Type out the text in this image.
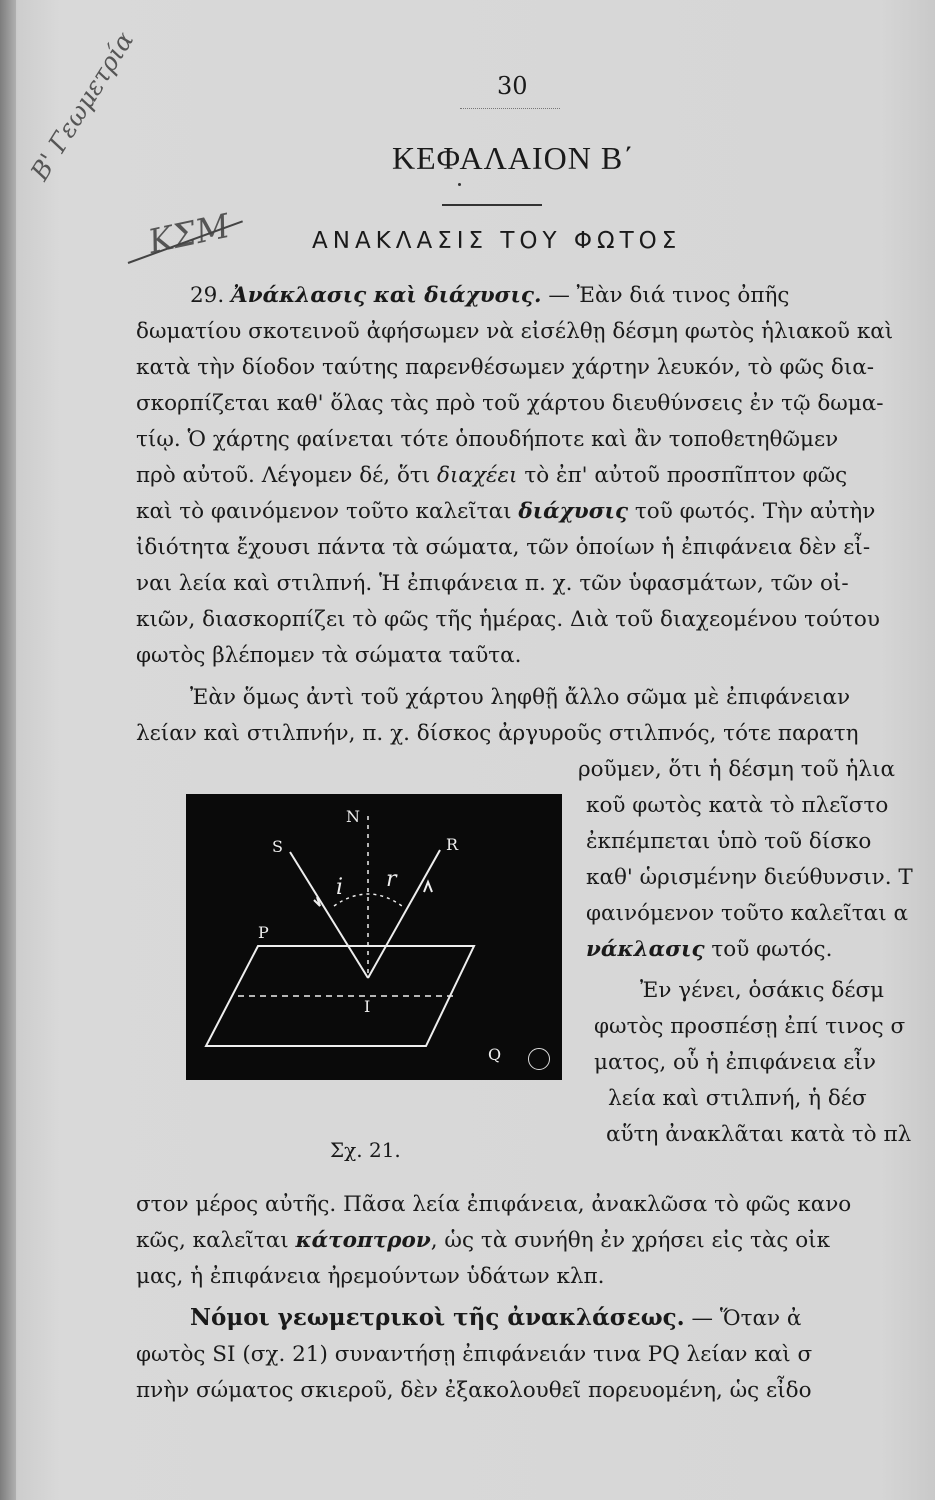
30
ΚΕΦΑΛΑΙΟΝ Β΄
ΑΝΑΚΛΑΣΙΣ ΤΟΥ ΦΩΤΟΣ
Β' Γεωμετρία
ΚΣΜ
29. Ἀνάκλασις καὶ διάχυσις. — Ἐὰν διά τινος ὀπῆς
δωματίου σκοτεινοῦ ἀφήσωμεν νὰ εἰσέλθῃ δέσμη φωτὸς ἡλιακοῦ καὶ
κατὰ τὴν δίοδον ταύτης παρενθέσωμεν χάρτην λευκόν, τὸ φῶς δια-
σκορπίζεται καθ' ὅλας τὰς πρὸ τοῦ χάρτου διευθύνσεις ἐν τῷ δωμα-
τίῳ. Ὁ χάρτης φαίνεται τότε ὁπουδήποτε καὶ ἂν τοποθετηθῶμεν
πρὸ αὐτοῦ. Λέγομεν δέ, ὅτι διαχέει τὸ ἐπ' αὐτοῦ προσπῖπτον φῶς
καὶ τὸ φαινόμενον τοῦτο καλεῖται διάχυσις τοῦ φωτός. Τὴν αὐτὴν
ἰδιότητα ἔχουσι πάντα τὰ σώματα, τῶν ὁποίων ἡ ἐπιφάνεια δὲν εἶ-
ναι λεία καὶ στιλπνή. Ἡ ἐπιφάνεια π. χ. τῶν ὑφασμάτων, τῶν οἰ-
κιῶν, διασκορπίζει τὸ φῶς τῆς ἡμέρας. Διὰ τοῦ διαχεομένου τούτου
φωτὸς βλέπομεν τὰ σώματα ταῦτα.
Ἐὰν ὅμως ἀντὶ τοῦ χάρτου ληφθῇ ἄλλο σῶμα μὲ ἐπιφάνειαν
λείαν καὶ στιλπνήν, π. χ. δίσκος ἀργυροῦς στιλπνός, τότε παρατη
ροῦμεν, ὅτι ἡ δέσμη τοῦ ἡλια
κοῦ φωτὸς κατὰ τὸ πλεῖστο
ἐκπέμπεται ὑπὸ τοῦ δίσκο
καθ' ὡρισμένην διεύθυνσιν. Τ
φαινόμενον τοῦτο καλεῖται α
νάκλασις τοῦ φωτός.
Ἐν γένει, ὁσάκις δέσμ
φωτὸς προσπέσῃ ἐπί τινος σ
ματος, οὗ ἡ ἐπιφάνεια εἶν
λεία καὶ στιλπνή, ἡ δέσ
αὕτη ἀνακλᾶται κατὰ τὸ πλ
N
S	R
i r
P
I
Q
Σχ. 21.
στον μέρος αὐτῆς. Πᾶσα λεία ἐπιφάνεια, ἀνακλῶσα τὸ φῶς κανο
κῶς, καλεῖται κάτοπτρον, ὡς τὰ συνήθη ἐν χρήσει εἰς τὰς οἰκ
μας, ἡ ἐπιφάνεια ἠρεμούντων ὑδάτων κλπ.
Νόμοι γεωμετρικοὶ τῆς ἀνακλάσεως. — Ὅταν ἀ
φωτὸς SI (σχ. 21) συναντήσῃ ἐπιφάνειάν τινα PQ λείαν καὶ σ
πνὴν σώματος σκιεροῦ, δὲν ἐξακολουθεῖ πορευομένη, ὡς εἶδο
